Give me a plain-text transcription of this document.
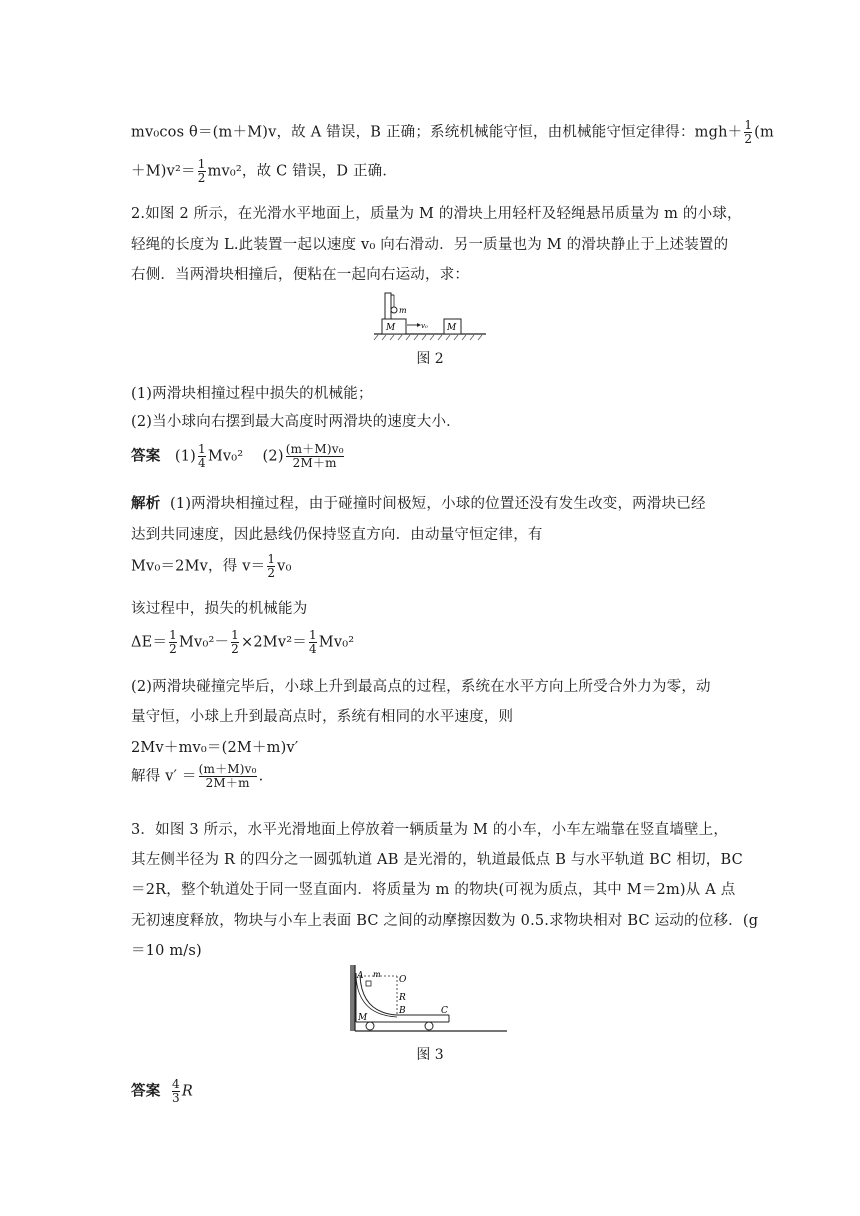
mv₀cos θ＝(m＋M)v，故 A 错误，B 正确；系统机械能守恒，由机械能守恒定律得：$mgh+ \frac{1}{2} (m$
$+M)v^2= \frac{1}{2} mv_0^2$，故 C 错误，D 正确．
2.如图 2 所示，在光滑水平地面上，质量为 M 的滑块上用轻杆及轻绳悬吊质量为 m 的小球，
轻绳的长度为 L.此装置一起以速度 v₀ 向右滑动．另一质量也为 M 的滑块静止于上述装置的
右侧．当两滑块相撞后，便粘在一起向右运动，求：
m
M	v₀ M
图 2
(1)两滑块相撞过程中损失的机械能；
(2)当小球向右摆到最大高度时两滑块的速度大小．
答案 $(1) \frac{1}{4} Mv_0^2$ $(2) \frac{\text{(m＋M)v₀}}{2M+m}$
解析 (1)两滑块相撞过程，由于碰撞时间极短，小球的位置还没有发生改变，两滑块已经
达到共同速度，因此悬线仍保持竖直方向．由动量守恒定律，有
Mv₀＝2Mv，得 $v= \frac{1}{2} v_0$
该过程中，损失的机械能为
$\Delta E= \frac{1}{2} Mv_0^2- \frac{1}{2} \times 2Mv^2= \frac{1}{4} Mv_0^2$
(2)两滑块碰撞完毕后，小球上升到最高点的过程，系统在水平方向上所受合外力为零，动
量守恒，小球上升到最高点时，系统有相同的水平速度，则
2Mv＋mv₀＝(2M＋m)v′
解得 $v' = \frac{\text{(m＋M)v₀}}{2M+m}$ .
3．如图 3 所示，水平光滑地面上停放着一辆质量为 M 的小车，小车左端靠在竖直墙壁上，
其左侧半径为 R 的四分之一圆弧轨道 AB 是光滑的，轨道最低点 B 与水平轨道 BC 相切，BC
＝2R，整个轨道处于同一竖直面内．将质量为 m 的物块(可视为质点，其中 M＝2m)从 A 点
无初速度释放，物块与小车上表面 BC 之间的动摩擦因数为 0.5.求物块相对 BC 运动的位移．(g
＝10 m/s)
A m
O
R
B	C
M
图 3
答案 $\frac{4}{3}$ R
